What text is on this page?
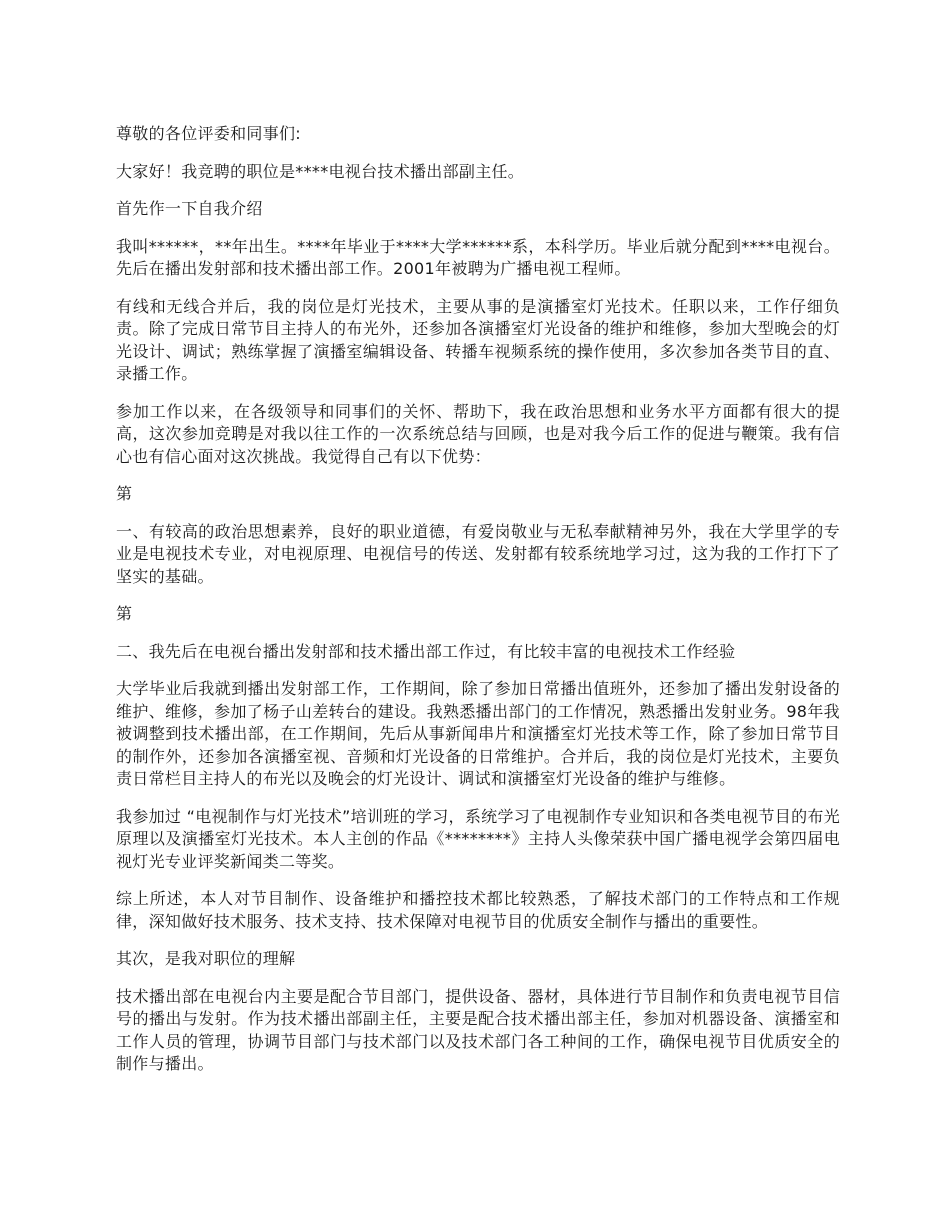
尊敬的各位评委和同事们:

大家好！我竞聘的职位是****电视台技术播出部副主任。

首先作一下自我介绍

我叫******，**年出生。****年毕业于****大学******系，本科学历。毕业后就分配到****电视台。先后在播出发射部和技术播出部工作。2001年被聘为广播电视工程师。

有线和无线合并后，我的岗位是灯光技术，主要从事的是演播室灯光技术。任职以来，工作仔细负责。除了完成日常节目主持人的布光外，还参加各演播室灯光设备的维护和维修，参加大型晚会的灯光设计、调试；熟练掌握了演播室编辑设备、转播车视频系统的操作使用，多次参加各类节目的直、录播工作。

参加工作以来，在各级领导和同事们的关怀、帮助下，我在政治思想和业务水平方面都有很大的提高，这次参加竞聘是对我以往工作的一次系统总结与回顾，也是对我今后工作的促进与鞭策。我有信心也有信心面对这次挑战。我觉得自己有以下优势：

第

一、有较高的政治思想素养，良好的职业道德，有爱岗敬业与无私奉献精神另外，我在大学里学的专业是电视技术专业，对电视原理、电视信号的传送、发射都有较系统地学习过，这为我的工作打下了坚实的基础。

第

二、我先后在电视台播出发射部和技术播出部工作过，有比较丰富的电视技术工作经验

大学毕业后我就到播出发射部工作，工作期间，除了参加日常播出值班外，还参加了播出发射设备的维护、维修，参加了杨子山差转台的建设。我熟悉播出部门的工作情况，熟悉播出发射业务。98年我被调整到技术播出部，在工作期间，先后从事新闻串片和演播室灯光技术等工作，除了参加日常节目的制作外，还参加各演播室视、音频和灯光设备的日常维护。合并后，我的岗位是灯光技术，主要负责日常栏目主持人的布光以及晚会的灯光设计、调试和演播室灯光设备的维护与维修。

我参加过 “电视制作与灯光技术”培训班的学习，系统学习了电视制作专业知识和各类电视节目的布光原理以及演播室灯光技术。本人主创的作品《********》主持人头像荣获中国广播电视学会第四届电视灯光专业评奖新闻类二等奖。

综上所述，本人对节目制作、设备维护和播控技术都比较熟悉，了解技术部门的工作特点和工作规律，深知做好技术服务、技术支持、技术保障对电视节目的优质安全制作与播出的重要性。

其次，是我对职位的理解

技术播出部在电视台内主要是配合节目部门，提供设备、器材，具体进行节目制作和负责电视节目信号的播出与发射。作为技术播出部副主任，主要是配合技术播出部主任，参加对机器设备、演播室和工作人员的管理，协调节目部门与技术部门以及技术部门各工种间的工作，确保电视节目优质安全的制作与播出。
